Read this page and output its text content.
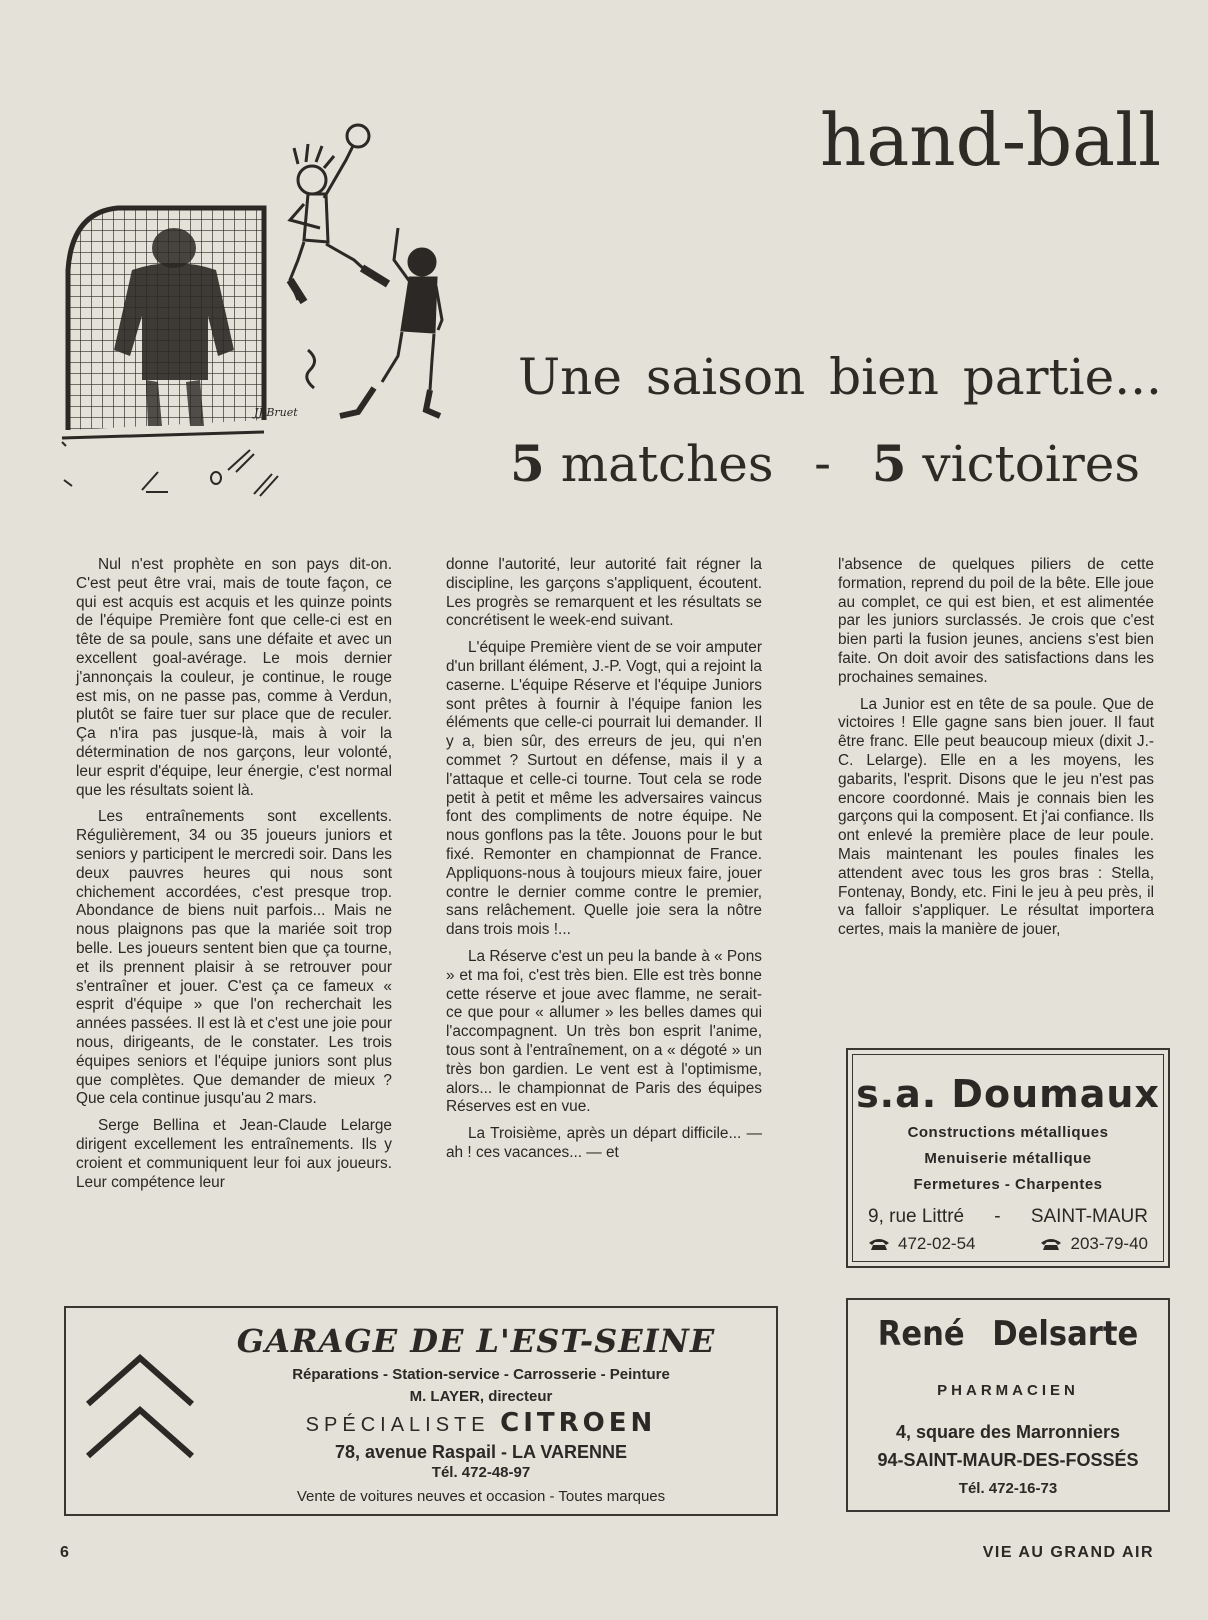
hand-ball
JJ Bruet
Une saison bien partie...
5 matches - 5 victoires

Nul n'est prophète en son pays dit-on. C'est peut être vrai, mais de toute façon, ce qui est acquis est acquis et les quinze points de l'équipe Première font que celle-ci est en tête de sa poule, sans une défaite et avec un excellent goal-avérage. Le mois dernier j'annonçais la couleur, je continue, le rouge est mis, on ne passe pas, comme à Verdun, plutôt se faire tuer sur place que de reculer. Ça n'ira pas jusque-là, mais à voir la détermination de nos garçons, leur volonté, leur esprit d'équipe, leur énergie, c'est normal que les résultats soient là.

Les entraînements sont excellents. Régulièrement, 34 ou 35 joueurs juniors et seniors y participent le mercredi soir. Dans les deux pauvres heures qui nous sont chichement accordées, c'est presque trop. Abondance de biens nuit parfois... Mais ne nous plaignons pas que la mariée soit trop belle. Les joueurs sentent bien que ça tourne, et ils prennent plaisir à se retrouver pour s'entraîner et jouer. C'est ça ce fameux « esprit d'équipe » que l'on recherchait les années passées. Il est là et c'est une joie pour nous, dirigeants, de le constater. Les trois équipes seniors et l'équipe juniors sont plus que complètes. Que demander de mieux ? Que cela continue jusqu'au 2 mars.

Serge Bellina et Jean-Claude Lelarge dirigent excellement les entraînements. Ils y croient et communiquent leur foi aux joueurs. Leur compétence leur

donne l'autorité, leur autorité fait régner la discipline, les garçons s'appliquent, écoutent. Les progrès se remarquent et les résultats se concrétisent le week-end suivant.

L'équipe Première vient de se voir amputer d'un brillant élément, J.-P. Vogt, qui a rejoint la caserne. L'équipe Réserve et l'équipe Juniors sont prêtes à fournir à l'équipe fanion les éléments que celle-ci pourrait lui demander. Il y a, bien sûr, des erreurs de jeu, qui n'en commet ? Surtout en défense, mais il y a l'attaque et celle-ci tourne. Tout cela se rode petit à petit et même les adversaires vaincus font des compliments de notre équipe. Ne nous gonflons pas la tête. Jouons pour le but fixé. Remonter en championnat de France. Appliquons-nous à toujours mieux faire, jouer contre le dernier comme contre le premier, sans relâchement. Quelle joie sera la nôtre dans trois mois !...

La Réserve c'est un peu la bande à « Pons » et ma foi, c'est très bien. Elle est très bonne cette réserve et joue avec flamme, ne serait-ce que pour « allumer » les belles dames qui l'accompagnent. Un très bon esprit l'anime, tous sont à l'entraînement, on a « dégoté » un très bon gardien. Le vent est à l'optimisme, alors... le championnat de Paris des équipes Réserves est en vue.

La Troisième, après un départ difficile... — ah ! ces vacances... — et

l'absence de quelques piliers de cette formation, reprend du poil de la bête. Elle joue au complet, ce qui est bien, et est alimentée par les juniors surclassés. Je crois que c'est bien parti la fusion jeunes, anciens s'est bien faite. On doit avoir des satisfactions dans les prochaines semaines.

La Junior est en tête de sa poule. Que de victoires ! Elle gagne sans bien jouer. Il faut être franc. Elle peut beaucoup mieux (dixit J.-C. Lelarge). Elle en a les moyens, les gabarits, l'esprit. Disons que le jeu n'est pas encore coordonné. Mais je connais bien les garçons qui la composent. Et j'ai confiance. Ils ont enlevé la première place de leur poule. Mais maintenant les poules finales les attendent avec tous les gros bras : Stella, Fontenay, Bondy, etc. Fini le jeu à peu près, il va falloir s'appliquer. Le résultat importera certes, mais la manière de jouer,

s.a. Doumaux
Constructions métalliques
Menuiserie métallique
Fermetures - Charpentes
9, rue Littré - SAINT-MAUR
472-02-54	203-79-40
GARAGE DE L'EST-SEINE
Réparations - Station-service - Carrosserie - Peinture
M. LAYER, directeur
SPÉCIALISTE CITROEN
78, avenue Raspail - LA VARENNE
Tél. 472-48-97
Vente de voitures neuves et occasion - Toutes marques
René Delsarte
PHARMACIEN
4, square des Marronniers
94-SAINT-MAUR-DES-FOSSÉS
Tél. 472-16-73
6	VIE AU GRAND AIR
